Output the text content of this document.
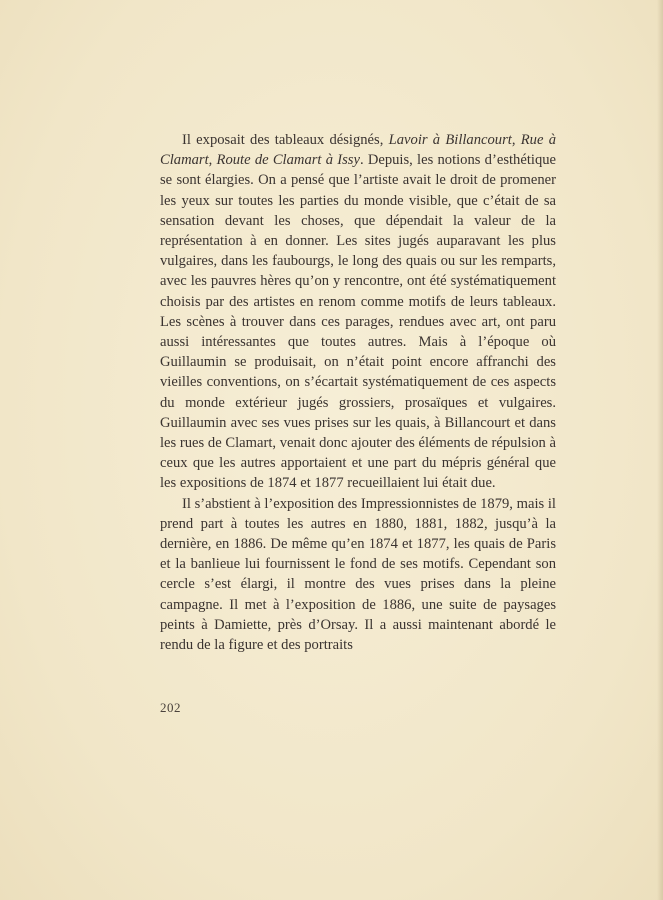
Il exposait des tableaux désignés, Lavoir à Billancourt, Rue à Clamart, Route de Clamart à Issy. Depuis, les notions d’esthétique se sont élargies. On a pensé que l’artiste avait le droit de promener les yeux sur toutes les parties du monde visible, que c’était de sa sensation devant les choses, que dépendait la valeur de la représentation à en donner. Les sites jugés auparavant les plus vulgaires, dans les faubourgs, le long des quais ou sur les remparts, avec les pauvres hères qu’on y rencontre, ont été systématiquement choisis par des artistes en renom comme motifs de leurs tableaux. Les scènes à trouver dans ces parages, rendues avec art, ont paru aussi intéressantes que toutes autres. Mais à l’époque où Guillaumin se produisait, on n’était point encore affranchi des vieilles conventions, on s’écartait systématiquement de ces aspects du monde extérieur jugés grossiers, prosaïques et vulgaires. Guillaumin avec ses vues prises sur les quais, à Billancourt et dans les rues de Clamart, venait donc ajouter des éléments de répulsion à ceux que les autres apportaient et une part du mépris général que les expositions de 1874 et 1877 recueillaient lui était due.

Il s’abstient à l’exposition des Impressionnistes de 1879, mais il prend part à toutes les autres en 1880, 1881, 1882, jusqu’à la dernière, en 1886. De même qu’en 1874 et 1877, les quais de Paris et la banlieue lui fournissent le fond de ses motifs. Cependant son cercle s’est élargi, il montre des vues prises dans la pleine campagne. Il met à l’exposition de 1886, une suite de paysages peints à Damiette, près d’Orsay. Il a aussi maintenant abordé le rendu de la figure et des portraits

202
